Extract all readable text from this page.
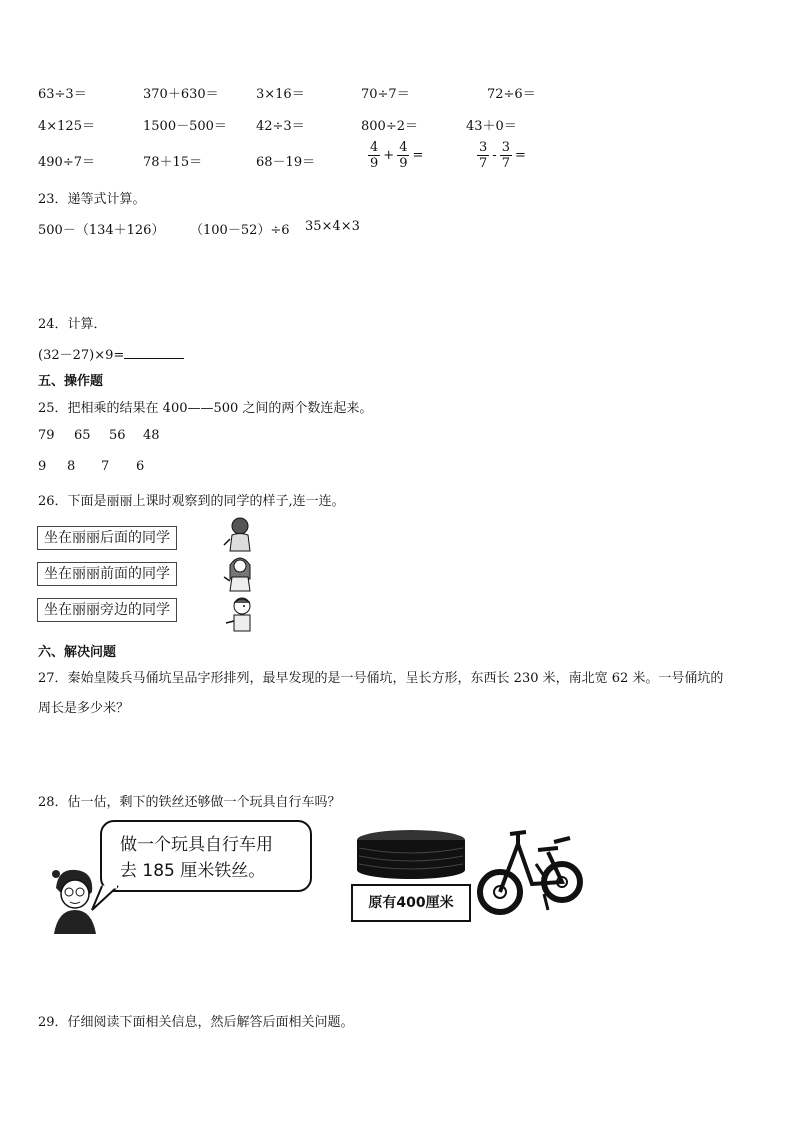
63÷3＝	370＋630＝	3×16＝	70÷7＝	72÷6＝
4×125＝	1500－500＝ 42÷3＝	800÷2＝	43＋0＝
490÷7＝	78＋15＝	68－19＝	$\frac{4}{9} + \frac{4}{9}$ =	$\frac{3}{7} - \frac{3}{7}$ =
23．递等式计算。
500－（134＋126） （100－52）÷6 35×4×3
24．计算．
(32－27)×9=
五、操作题
25．把相乘的结果在 400——500 之间的两个数连起来。
79 65 56 48
9 8 7 6
26．下面是丽丽上课时观察到的同学的样子,连一连。
坐在丽丽后面的同学
坐在丽丽前面的同学
坐在丽丽旁边的同学
六、解决问题
27．秦始皇陵兵马俑坑呈品字形排列，最早发现的是一号俑坑，呈长方形，东西长 230 米，南北宽 62 米。一号俑坑的
周长是多少米？
28．估一估，剩下的铁丝还够做一个玩具自行车吗？
做一个玩具自行车用
去 185 厘米铁丝。
原有400厘米
29．仔细阅读下面相关信息，然后解答后面相关问题。
